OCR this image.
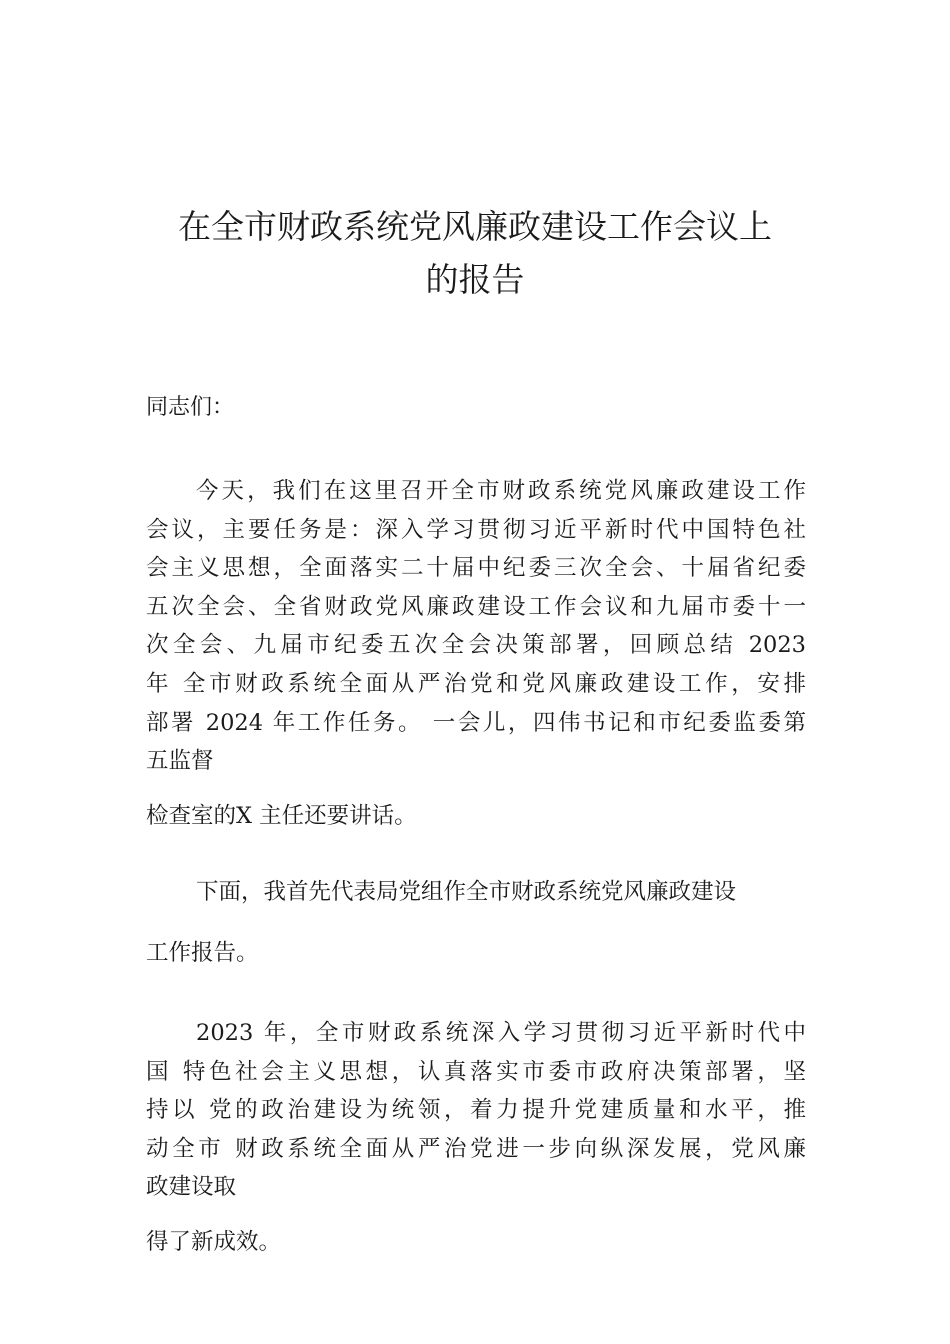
在全市财政系统党风廉政建设工作会议上
的报告

同志们：

今天，我们在这里召开全市财政系统党风廉政建设工作
会议，主要任务是：深入学习贯彻习近平新时代中国特色社
会主义思想，全面落实二十届中纪委三次全会、十届省纪委
五次全会、全省财政党风廉政建设工作会议和九届市委十一
次全会、九届市纪委五次全会决策部署，回顾总结 2023
年 全市财政系统全面从严治党和党风廉政建设工作，安排
部署 2024 年工作任务。 一会儿，四伟书记和市纪委监委第
五监督

检查室的X 主任还要讲话。

下面，我首先代表局党组作全市财政系统党风廉政建设

工作报告。

2023 年，全市财政系统深入学习贯彻习近平新时代中
国 特色社会主义思想，认真落实市委市政府决策部署，坚
持以 党的政治建设为统领，着力提升党建质量和水平，推
动全市 财政系统全面从严治党进一步向纵深发展，党风廉
政建设取

得了新成效。
